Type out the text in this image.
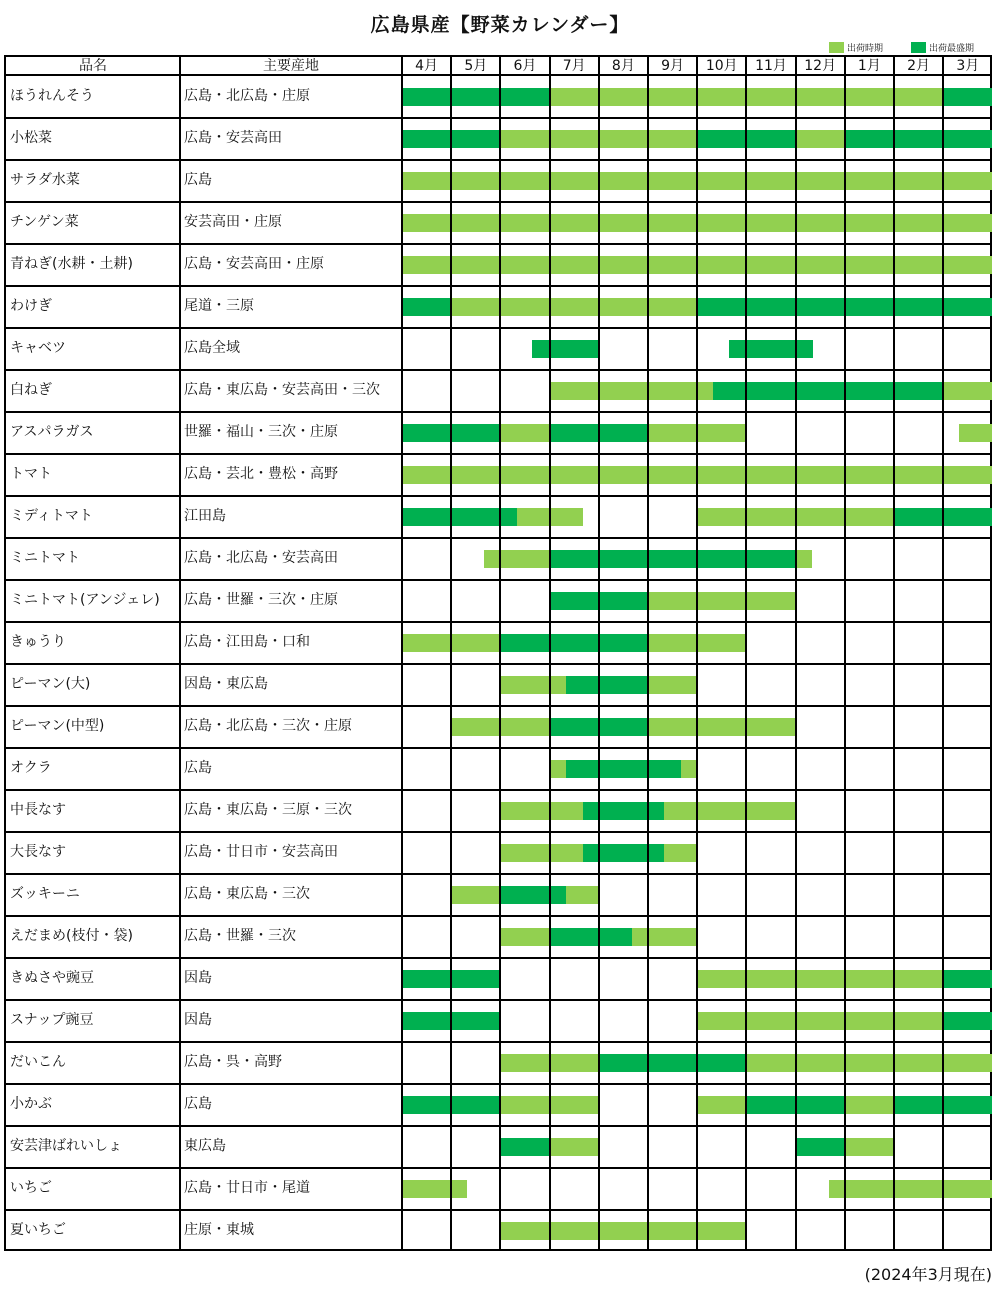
広島県産【野菜カレンダー】
出荷時期	出荷最盛期
品名	主要産地	4月	5月	6月	7月	8月	9月	10月	11月	12月	1月	2月	3月
ほうれんそう	広島・北広島・庄原
小松菜	広島・安芸高田
サラダ水菜	広島
チンゲン菜	安芸高田・庄原
青ねぎ(水耕・土耕)	広島・安芸高田・庄原
わけぎ	尾道・三原
キャベツ	広島全域
白ねぎ	広島・東広島・安芸高田・三次
アスパラガス	世羅・福山・三次・庄原
トマト	広島・芸北・豊松・高野
ミディトマト	江田島
ミニトマト	広島・北広島・安芸高田
ミニトマト(アンジェレ)	広島・世羅・三次・庄原
きゅうり	広島・江田島・口和
ピーマン(大)	因島・東広島
ピーマン(中型)	広島・北広島・三次・庄原
オクラ	広島
中長なす	広島・東広島・三原・三次
大長なす	広島・廿日市・安芸高田
ズッキーニ	広島・東広島・三次
えだまめ(枝付・袋)	広島・世羅・三次
きぬさや豌豆	因島
スナップ豌豆	因島
だいこん	広島・呉・高野
小かぶ	広島
安芸津ばれいしょ	東広島
いちご	広島・廿日市・尾道
夏いちご	庄原・東城
(2024年3月現在)
